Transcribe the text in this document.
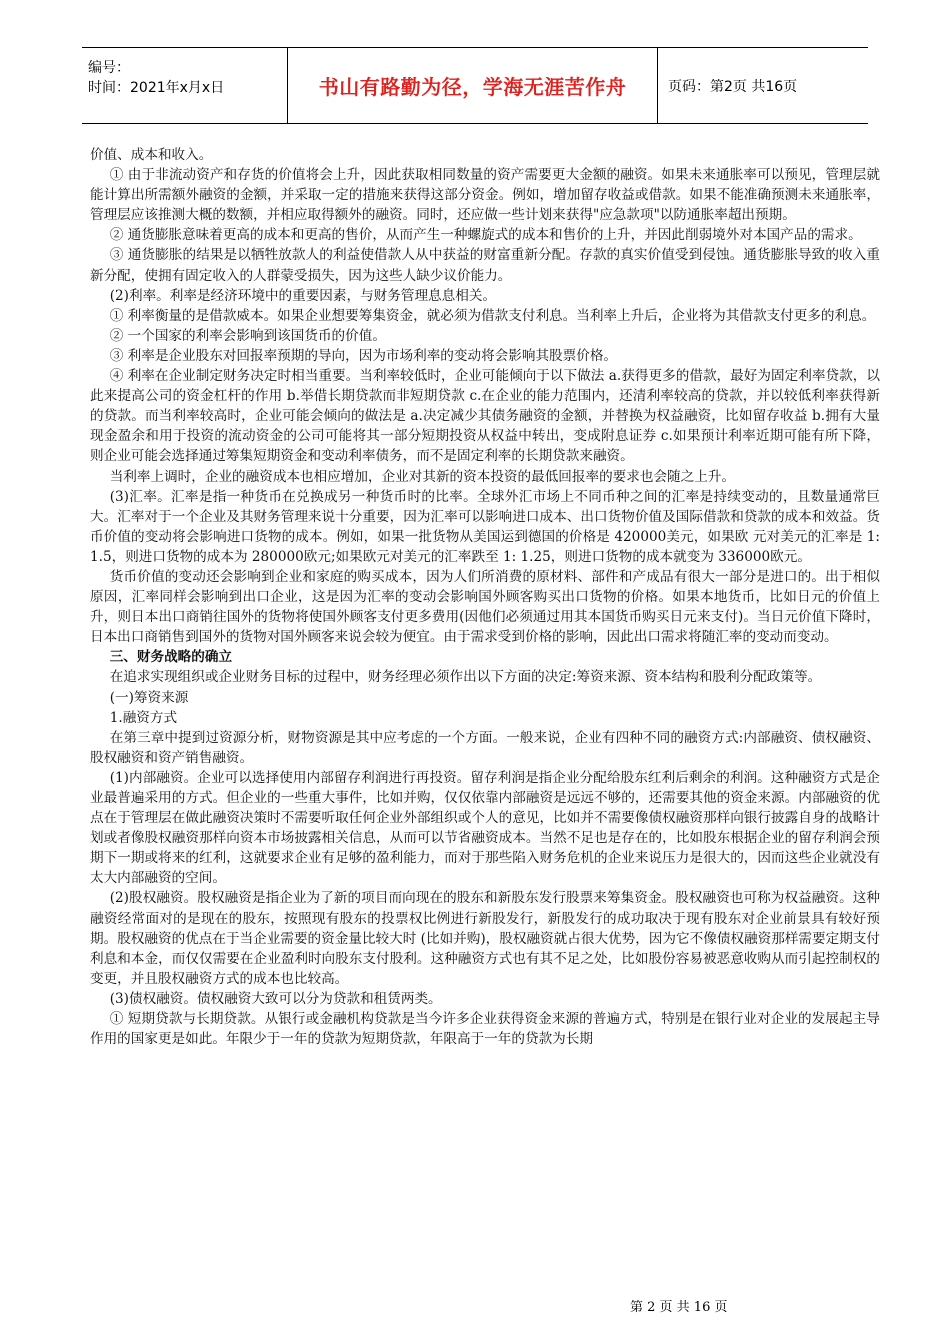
编号：
时间：2021年x月x日	书山有路勤为径，学海无涯苦作舟	页码：第2页 共16页

价值、成本和收入。

① 由于非流动资产和存货的价值将会上升，因此获取相同数量的资产需要更大金额的融资。如果未来通胀率可以预见，管理层就能计算出所需额外融资的金额，并采取一定的措施来获得这部分资金。例如，增加留存收益或借款。如果不能准确预测未来通胀率，管理层应该推测大概的数额，并相应取得额外的融资。同时，还应做一些计划来获得"应急款项"以防通胀率超出预期。

② 通货膨胀意味着更高的成本和更高的售价，从而产生一种螺旋式的成本和售价的上升，并因此削弱境外对本国产品的需求。

③ 通货膨胀的结果是以牺牲放款人的利益使借款人从中获益的财富重新分配。存款的真实价值受到侵蚀。通货膨胀导致的收入重新分配，使拥有固定收入的人群蒙受损失，因为这些人缺少议价能力。

(2)利率。利率是经济环境中的重要因素，与财务管理息息相关。

① 利率衡量的是借款威本。如果企业想要筹集资金，就必须为借款支付利息。当利率上升后，企业将为其借款支付更多的利息。

② 一个国家的利率会影响到该国货币的价值。

③ 利率是企业股东对回报率预期的导向，因为市场利率的变动将会影响其股票价格。

④ 利率在企业制定财务决定时相当重要。当利率较低时，企业可能倾向于以下做法 a.获得更多的借款，最好为固定利率贷款，以此来提高公司的资金杠杆的作用 b.举借长期贷款而非短期贷款 c.在企业的能力范围内，还清利率较高的贷款，并以较低利率获得新的贷款。而当利率较高时，企业可能会倾向的做法是 a.决定减少其债务融资的金额，并替换为权益融资，比如留存收益 b.拥有大量现金盈余和用于投资的流动资金的公司可能将其一部分短期投资从权益中转出，变成附息证券 c.如果预计利率近期可能有所下降，则企业可能会选择通过筹集短期资金和变动利率债务，而不是固定利率的长期贷款来融资。

当利率上调时，企业的融资成本也相应增加，企业对其新的资本投资的最低回报率的要求也会随之上升。

(3)汇率。汇率是指一种货币在兑换成另一种货币时的比率。全球外汇市场上不同币种之间的汇率是持续变动的，且数量通常巨大。汇率对于一个企业及其财务管理来说十分重要，因为汇率可以影响进口成本、出口货物价值及国际借款和贷款的成本和效益。货币价值的变动将会影响进口货物的成本。例如，如果一批货物从美国运到德国的价格是 420000美元，如果欧 元对美元的汇率是 1: 1.5，则进口货物的成本为 280000欧元;如果欧元对美元的汇率跌至 1: 1.25，则进口货物的成本就变为 336000欧元。

货币价值的变动还会影响到企业和家庭的购买成本，因为人们所消费的原材料、部件和产成品有很大一部分是进口的。出于相似原因，汇率同样会影响到出口企业，这是因为汇率的变动会影响国外顾客购买出口货物的价格。如果本地货币，比如日元的价值上升，则日本出口商销往国外的货物将使国外顾客支付更多费用(因他们必须通过用其本国货币购买日元来支付)。当日元价值下降时，日本出口商销售到国外的货物对国外顾客来说会较为便宜。由于需求受到价格的影响，因此出口需求将随汇率的变动而变动。

三、财务战略的确立

在追求实现组织或企业财务目标的过程中，财务经理必须作出以下方面的决定:筹资来源、资本结构和股利分配政策等。

(一)筹资来源

1.融资方式

在第三章中提到过资源分析，财物资源是其中应考虑的一个方面。一般来说，企业有四种不同的融资方式:内部融资、债权融资、股权融资和资产销售融资。

(1)内部融资。企业可以选择使用内部留存利润进行再投资。留存利润是指企业分配给股东红利后剩余的利润。这种融资方式是企业最普遍采用的方式。但企业的一些重大事件，比如并购，仅仅依靠内部融资是远远不够的，还需要其他的资金来源。内部融资的优点在于管理层在做此融资决策时不需要听取任何企业外部组织或个人的意见，比如并不需要像债权融资那样向银行披露自身的战略计划或者像股权融资那样向资本市场披露相关信息，从而可以节省融资成本。当然不足也是存在的，比如股东根据企业的留存利润会预期下一期或将来的红利，这就要求企业有足够的盈利能力，而对于那些陷入财务危机的企业来说压力是很大的，因而这些企业就没有太大内部融资的空间。

(2)股权融资。股权融资是指企业为了新的项目而向现在的股东和新股东发行股票来筹集资金。股权融资也可称为权益融资。这种融资经常面对的是现在的股东，按照现有股东的投票权比例进行新股发行，新股发行的成功取决于现有股东对企业前景具有较好预期。股权融资的优点在于当企业需要的资金量比较大时 (比如并购)，股权融资就占很大优势，因为它不像债权融资那样需要定期支付利息和本金，而仅仅需要在企业盈利时向股东支付股利。这种融资方式也有其不足之处，比如股份容易被恶意收购从而引起控制权的变更，并且股权融资方式的成本也比较高。

(3)债权融资。债权融资大致可以分为贷款和租赁两类。

① 短期贷款与长期贷款。从银行或金融机构贷款是当今许多企业获得资金来源的普遍方式，特别是在银行业对企业的发展起主导作用的国家更是如此。年限少于一年的贷款为短期贷款，年限高于一年的贷款为长期

第 2 页 共 16 页
